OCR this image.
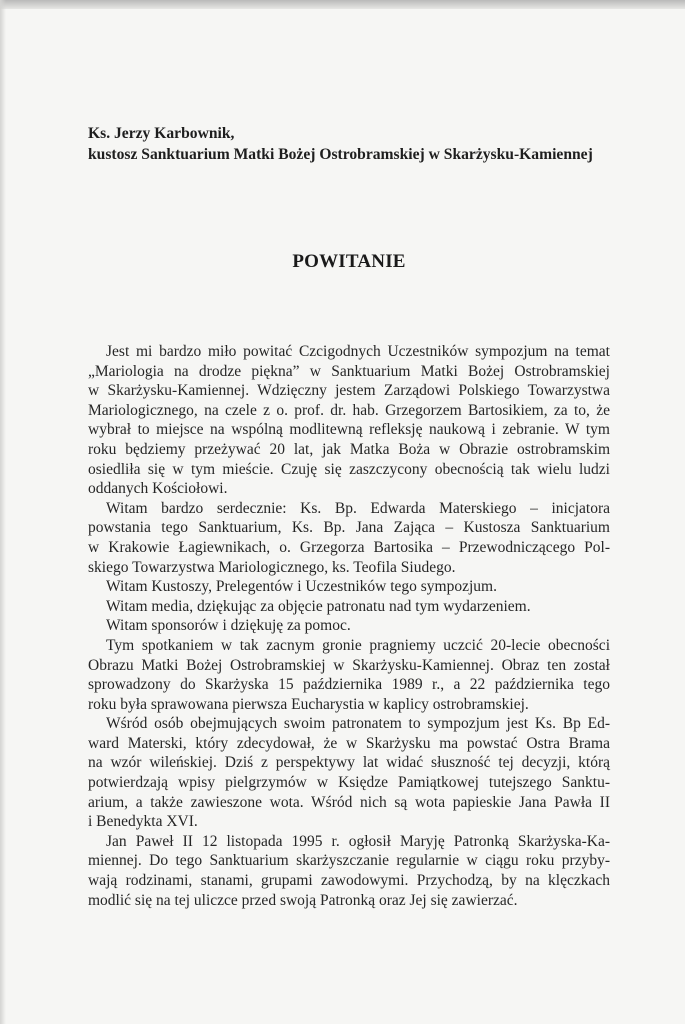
Ks. Jerzy Karbownik,
kustosz Sanktuarium Matki Bożej Ostrobramskiej w Skarżysku-Kamiennej
POWITANIE
Jest mi bardzo miło powitać Czcigodnych Uczestników sympozjum na temat
„Mariologia na drodze piękna” w Sanktuarium Matki Bożej Ostrobramskiej
w Skarżysku-Kamiennej. Wdzięczny jestem Zarządowi Polskiego Towarzystwa
Mariologicznego, na czele z o. prof. dr. hab. Grzegorzem Bartosikiem, za to, że
wybrał to miejsce na wspólną modlitewną refleksję naukową i zebranie. W tym
roku będziemy przeżywać 20 lat, jak Matka Boża w Obrazie ostrobramskim
osiedliła się w tym mieście. Czuję się zaszczycony obecnością tak wielu ludzi
oddanych Kościołowi.
Witam bardzo serdecznie: Ks. Bp. Edwarda Materskiego – inicjatora
powstania tego Sanktuarium, Ks. Bp. Jana Zająca – Kustosza Sanktuarium
w Krakowie Łagiewnikach, o. Grzegorza Bartosika – Przewodniczącego Pol-
skiego Towarzystwa Mariologicznego, ks. Teofila Siudego.
Witam Kustoszy, Prelegentów i Uczestników tego sympozjum.
Witam media, dziękując za objęcie patronatu nad tym wydarzeniem.
Witam sponsorów i dziękuję za pomoc.
Tym spotkaniem w tak zacnym gronie pragniemy uczcić 20-lecie obecności
Obrazu Matki Bożej Ostrobramskiej w Skarżysku-Kamiennej. Obraz ten został
sprowadzony do Skarżyska 15 października 1989 r., a 22 października tego
roku była sprawowana pierwsza Eucharystia w kaplicy ostrobramskiej.
Wśród osób obejmujących swoim patronatem to sympozjum jest Ks. Bp Ed-
ward Materski, który zdecydował, że w Skarżysku ma powstać Ostra Brama
na wzór wileńskiej. Dziś z perspektywy lat widać słuszność tej decyzji, którą
potwierdzają wpisy pielgrzymów w Księdze Pamiątkowej tutejszego Sanktu-
arium, a także zawieszone wota. Wśród nich są wota papieskie Jana Pawła II
i Benedykta XVI.
Jan Paweł II 12 listopada 1995 r. ogłosił Maryję Patronką Skarżyska-Ka-
miennej. Do tego Sanktuarium skarżyszczanie regularnie w ciągu roku przyby-
wają rodzinami, stanami, grupami zawodowymi. Przychodzą, by na klęczkach
modlić się na tej uliczce przed swoją Patronką oraz Jej się zawierzać.
